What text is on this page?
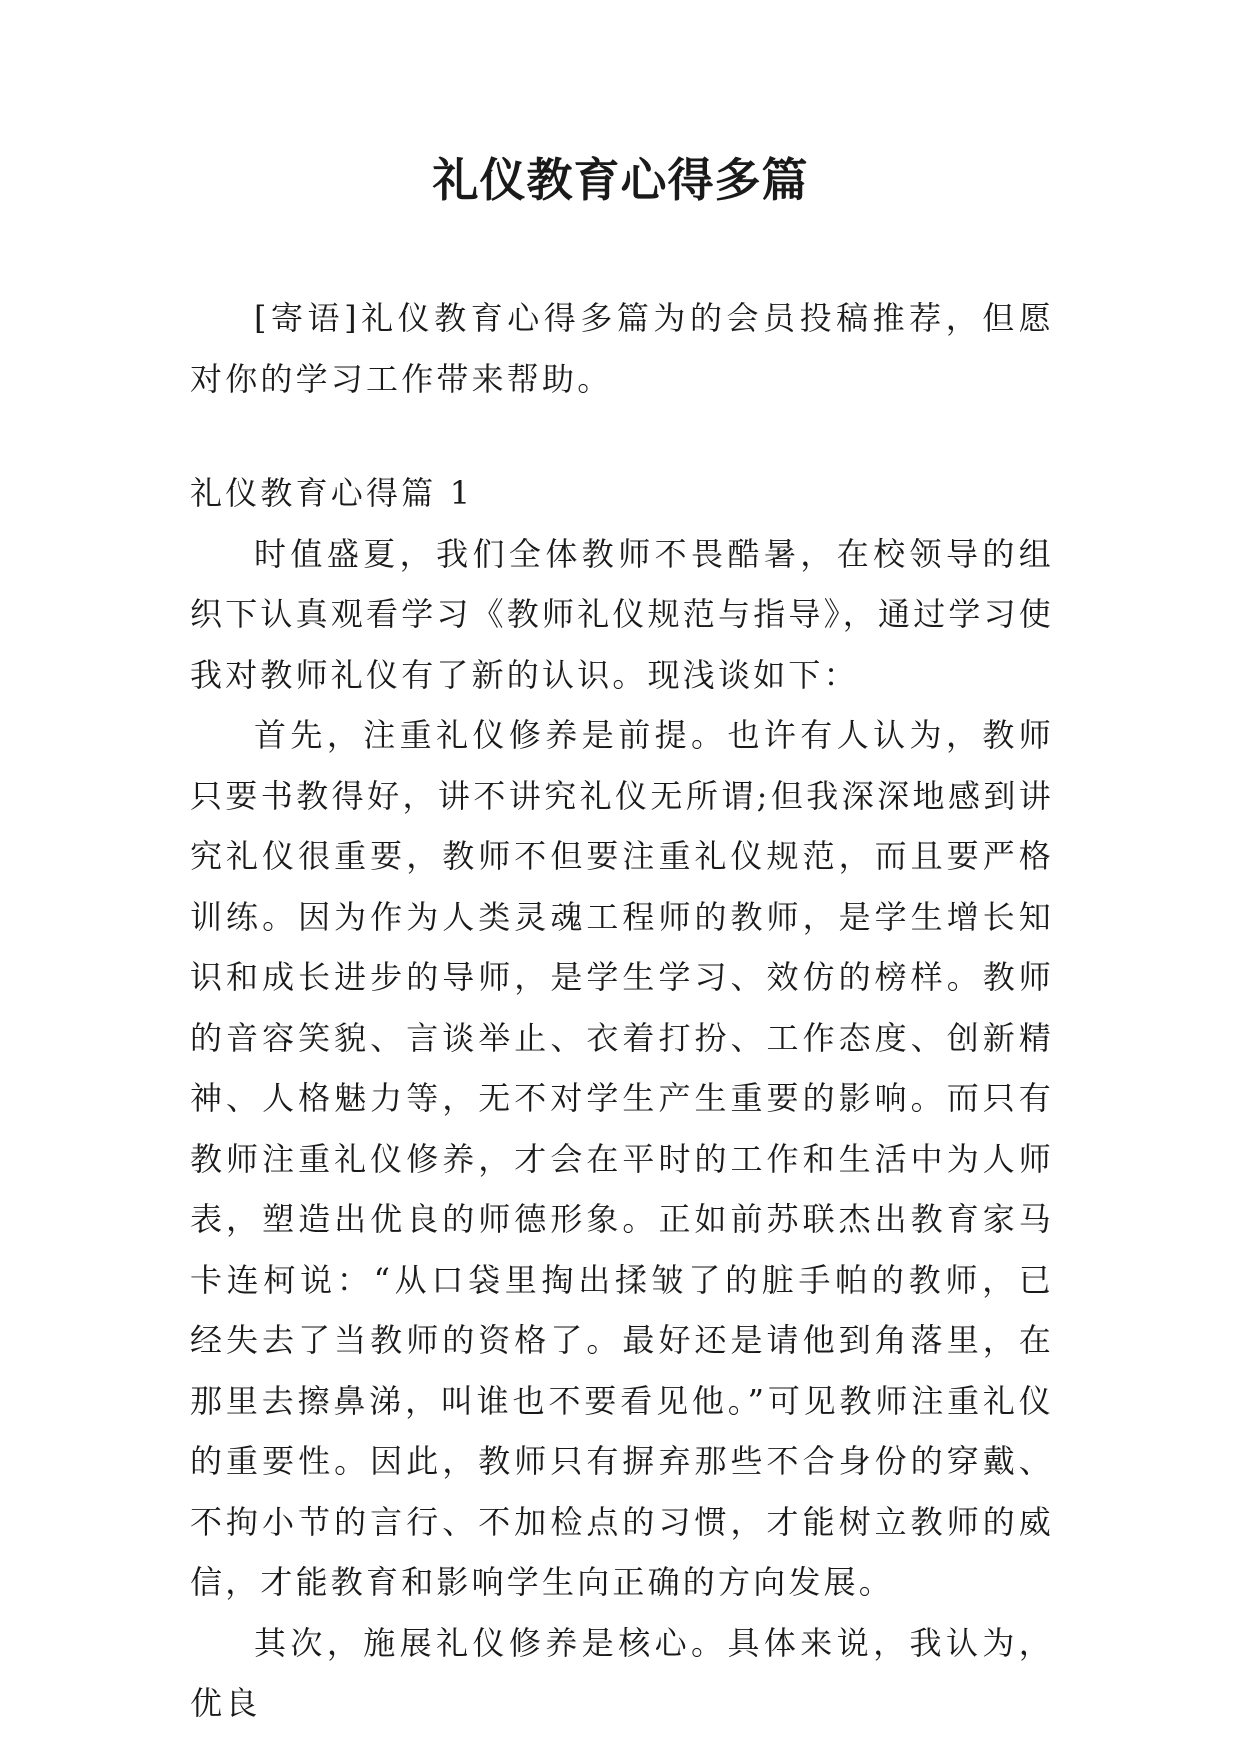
礼仪教育心得多篇

[寄语]礼仪教育心得多篇为的会员投稿推荐，但愿对你的学习工作带来帮助。

礼仪教育心得篇 1

时值盛夏，我们全体教师不畏酷暑，在校领导的组织下认真观看学习《教师礼仪规范与指导》，通过学习使我对教师礼仪有了新的认识。现浅谈如下：

首先，注重礼仪修养是前提。也许有人认为，教师只要书教得好，讲不讲究礼仪无所谓;但我深深地感到讲究礼仪很重要，教师不但要注重礼仪规范，而且要严格训练。因为作为人类灵魂工程师的教师，是学生增长知识和成长进步的导师，是学生学习、效仿的榜样。教师的音容笑貌、言谈举止、衣着打扮、工作态度、创新精神、人格魅力等，无不对学生产生重要的影响。而只有教师注重礼仪修养，才会在平时的工作和生活中为人师表，塑造出优良的师德形象。正如前苏联杰出教育家马卡连柯说：“从口袋里掏出揉皱了的脏手帕的教师，已经失去了当教师的资格了。最好还是请他到角落里，在那里去擦鼻涕，叫谁也不要看见他。”可见教师注重礼仪的重要性。因此，教师只有摒弃那些不合身份的穿戴、不拘小节的言行、不加检点的习惯，才能树立教师的威信，才能教育和影响学生向正确的方向发展。

其次，施展礼仪修养是核心。具体来说，我认为，优良
